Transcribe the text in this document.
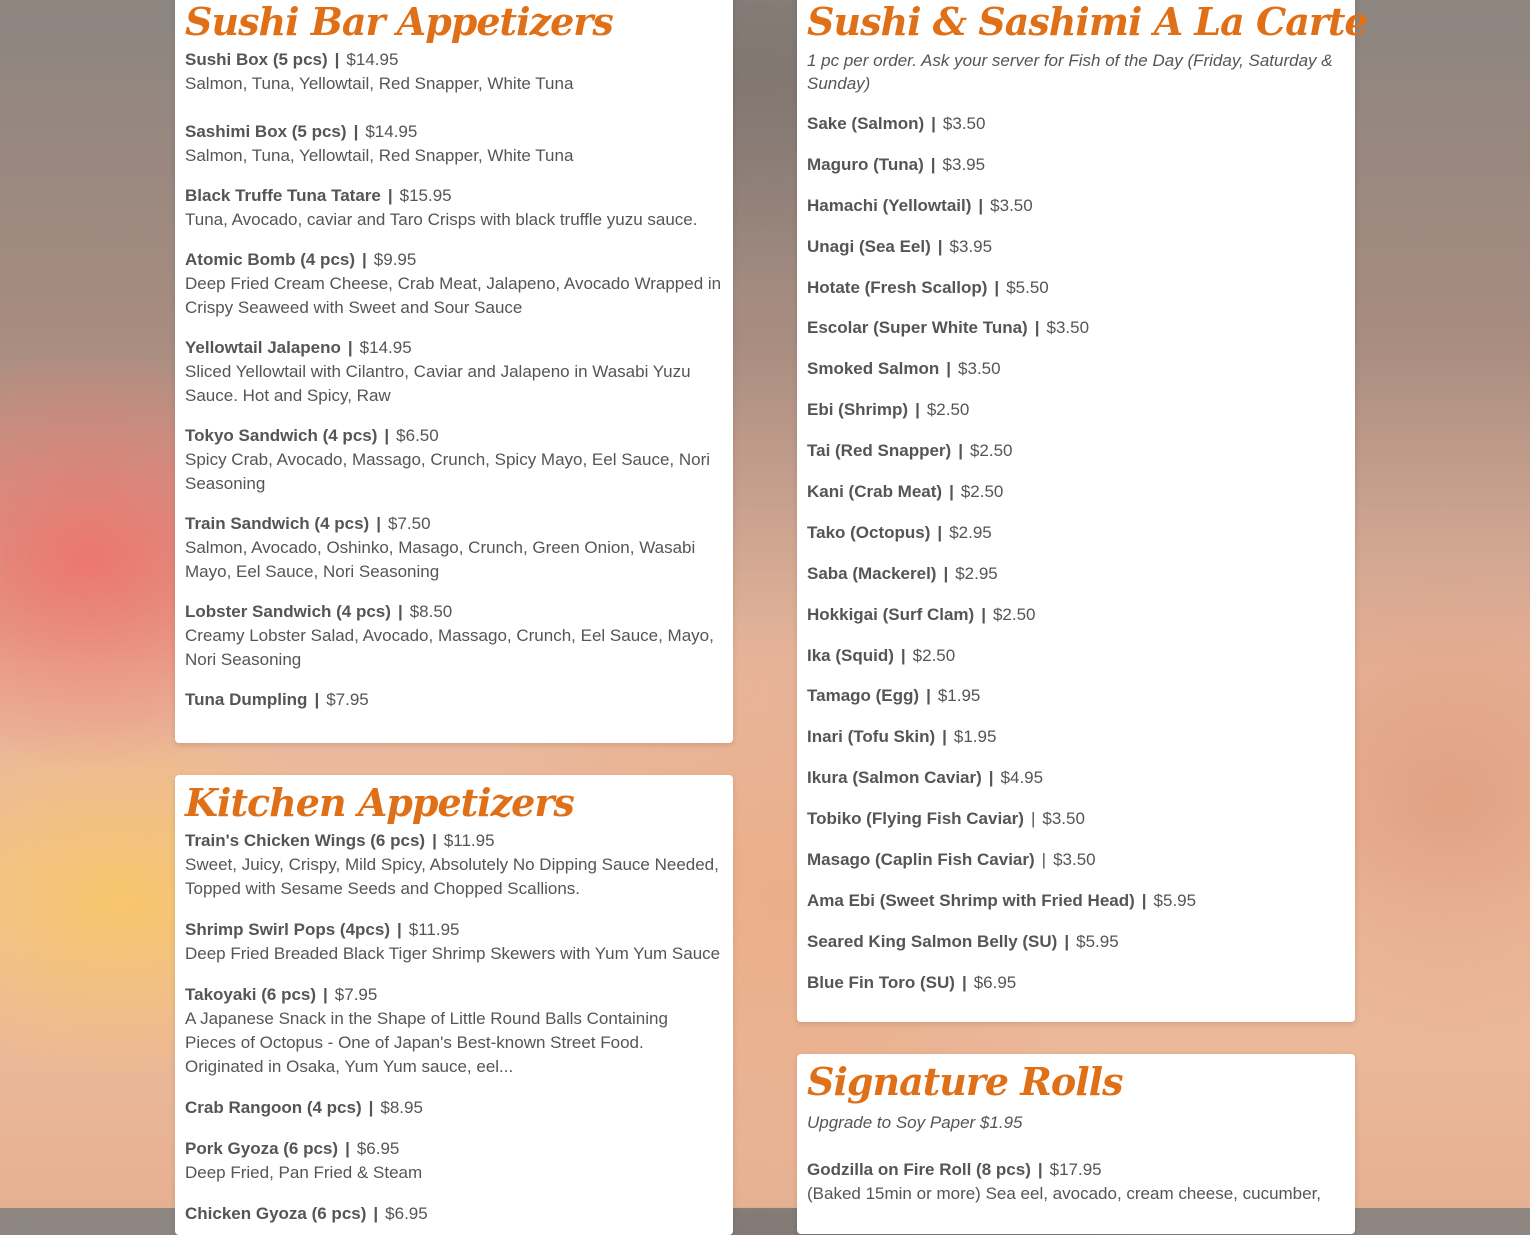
Sushi Bar Appetizers
Sushi Box (5 pcs) | $14.95
Salmon, Tuna, Yellowtail, Red Snapper, White Tuna
Sashimi Box (5 pcs) | $14.95
Salmon, Tuna, Yellowtail, Red Snapper, White Tuna
Black Truffe Tuna Tatare | $15.95
Tuna, Avocado, caviar and Taro Crisps with black truffle yuzu sauce.
Atomic Bomb (4 pcs) | $9.95
Deep Fried Cream Cheese, Crab Meat, Jalapeno, Avocado Wrapped in Crispy Seaweed with Sweet and Sour Sauce
Yellowtail Jalapeno | $14.95
Sliced Yellowtail with Cilantro, Caviar and Jalapeno in Wasabi Yuzu Sauce. Hot and Spicy, Raw
Tokyo Sandwich (4 pcs) | $6.50
Spicy Crab, Avocado, Massago, Crunch, Spicy Mayo, Eel Sauce, Nori Seasoning
Train Sandwich (4 pcs) | $7.50
Salmon, Avocado, Oshinko, Masago, Crunch, Green Onion, Wasabi Mayo, Eel Sauce, Nori Seasoning
Lobster Sandwich (4 pcs) | $8.50
Creamy Lobster Salad, Avocado, Massago, Crunch, Eel Sauce, Mayo, Nori Seasoning
Tuna Dumpling | $7.95
Kitchen Appetizers
Train's Chicken Wings (6 pcs) | $11.95
Sweet, Juicy, Crispy, Mild Spicy, Absolutely No Dipping Sauce Needed, Topped with Sesame Seeds and Chopped Scallions.
Shrimp Swirl Pops (4pcs) | $11.95
Deep Fried Breaded Black Tiger Shrimp Skewers with Yum Yum Sauce
Takoyaki (6 pcs) | $7.95
A Japanese Snack in the Shape of Little Round Balls Containing Pieces of Octopus - One of Japan's Best-known Street Food. Originated in Osaka, Yum Yum sauce, eel...
Crab Rangoon (4 pcs) | $8.95
Pork Gyoza (6 pcs) | $6.95
Deep Fried, Pan Fried & Steam
Chicken Gyoza (6 pcs) | $6.95
Sushi & Sashimi A La Carte

1 pc per order. Ask your server for Fish of the Day (Friday, Saturday & Sunday)

Sake (Salmon) | $3.50
Maguro (Tuna) | $3.95
Hamachi (Yellowtail) | $3.50
Unagi (Sea Eel) | $3.95
Hotate (Fresh Scallop) | $5.50
Escolar (Super White Tuna) | $3.50
Smoked Salmon | $3.50
Ebi (Shrimp) | $2.50
Tai (Red Snapper) | $2.50
Kani (Crab Meat) | $2.50
Tako (Octopus) | $2.95
Saba (Mackerel) | $2.95
Hokkigai (Surf Clam) | $2.50
Ika (Squid) | $2.50
Tamago (Egg) | $1.95
Inari (Tofu Skin) | $1.95
Ikura (Salmon Caviar) | $4.95
Tobiko (Flying Fish Caviar) | $3.50
Masago (Caplin Fish Caviar) | $3.50
Ama Ebi (Sweet Shrimp with Fried Head) | $5.95
Seared King Salmon Belly (SU) | $5.95
Blue Fin Toro (SU) | $6.95
Signature Rolls

Upgrade to Soy Paper $1.95

Godzilla on Fire Roll (8 pcs) | $17.95
(Baked 15min or more) Sea eel, avocado, cream cheese, cucumber,
